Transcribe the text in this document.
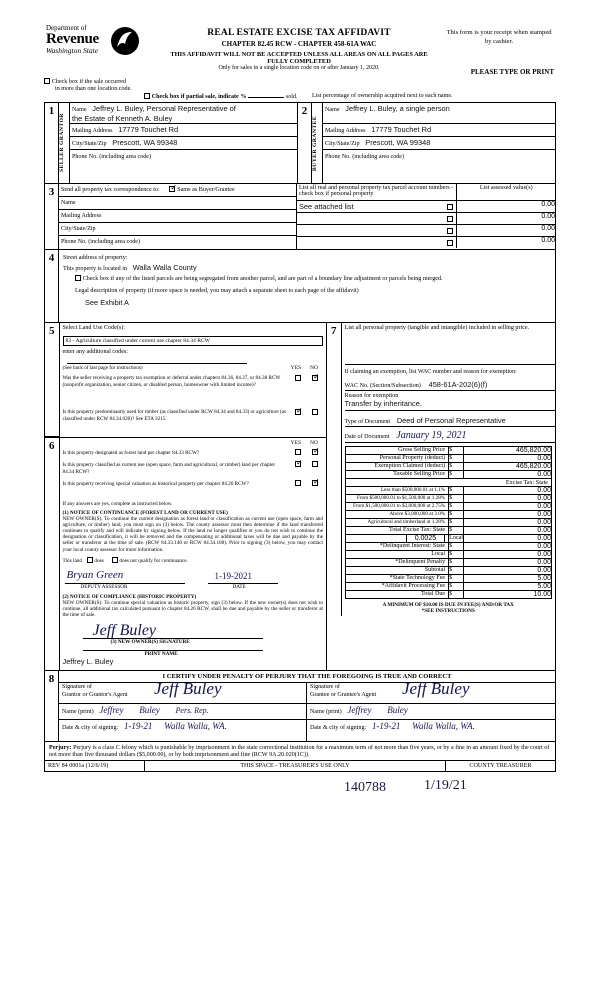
Department of
Revenue
Washington State
REAL ESTATE EXCISE TAX AFFIDAVIT
CHAPTER 82.45 RCW - CHAPTER 458-61A WAC
THIS AFFIDAVIT WILL NOT BE ACCEPTED UNLESS ALL AREAS ON ALL PAGES ARE FULLY COMPLETED
Only for sales in a single location code on or after January 1, 2020.
This form is your receipt when stamped by cashier.
PLEASE TYPE OR PRINT
Check box if the sale occurred
in more than one location code.
Check box if partial sale, indicate %	sold. List percentage of ownership acquired next to each name.
1	
SELLER GRANTOR

Name Jeffrey L. Buley, Personal Representative of
the Estate of Kenneth A. Buley
Mailing Address 17779 Touchet Rd
City/State/Zip Prescott, WA 99348
Phone No. (including area code)
	2	
BUYER GRANTEE

Name Jeffrey L. Buley, a single person
Mailing Address 17779 Touchet Rd
City/State/Zip Prescott, WA 99348
Phone No. (including area code)
3	Send all property tax correspondence to: ✓	Same as Buyer/Grantee
Name
Mailing Address
City/State/Zip
Phone No. (including area code)

List all real and personal property tax parcel account numbers - check box if personal property	List assessed value(s)
See attached list	0.00

	0.00

	0.00

	0.00
4	Street address of property:
This property is located in Walla Walla County
Check box if any of the listed parcels are being segregated from another parcel, and are part of a boundary line adjustment or parcels being merged.
Legal description of property (if more space is needed, you may attach a separate sheet to each page of the affidavit)
See Exhibit A
5	Select Land Use Code(s):
83 - Agriculture classified under current use chapter 84.34 RCW
enter any additional codes:
(See back of last page for instructions)	YES NO
Was the seller receiving a property tax exemption or deferral under chapters 84.36, 84.37, or 84.38 RCW (nonprofit organization, senior citizen, or disabled person, homeowner with limited income)?
✓
Is this property predominantly used for timber (as classified under RCW 84.34 and 84.33) or agriculture (as classified under RCW 84.34.020)? See ETA 3215
✓
6	YES NO
Is this property designated as forest land per chapter 84.33 RCW?
✓
Is this property classified as current use (open space, farm and agricultural, or timber) land per chapter 84.34 RCW?
✓
Is this property receiving special valuation as historical property per chapter 84.26 RCW?
✓
If any answers are yes, complete as instructed below.
(1) NOTICE OF CONTINUANCE (FOREST LAND OR CURRENT USE)
NEW OWNER(S): To continue the current designation as forest land or classification as current use (open space, farm and agriculture, or timber) land, you must sign on (3) below. The county assessor must then determine if the land transferred continues to qualify and will indicate by signing below. If the land no longer qualifies or you do not wish to continue the designation or classification, it will be removed and the compensating or additional taxes will be due and payable by the seller or transferor at the time of sale. (RCW 84.33.140 or RCW 84.34.108). Prior to signing (3) below, you may contact your local county assessor for more information.
This land does	does not qualify for continuance.
Bryan Green	1-19-2021
DEPUTY ASSESSOR	DATE
(2) NOTICE OF COMPLIANCE (HISTORIC PROPERTY)
NEW OWNER(S): To continue special valuation as historic property, sign (3) below. If the new owner(s) does not wish to continue, all additional tax calculated pursuant to chapter 84.26 RCW, shall be due and payable by the seller or transferor at the time of sale.
Jeff Buley
(3) NEW OWNER(S) SIGNATURE
PRINT NAME
Jeffrey L. Buley

7	List all personal property (tangible and intangible) included in selling price.
If claiming an exemption, list WAC number and reason for exemption:
WAC No. (Section/Subsection) 458-61A-202(6)(f)
Reason for exemption
Transfer by inheritance.
Type of Document Deed of Personal Representative
Date of Document January 19, 2021
Gross Selling Price	$	465,820.00
Personal Property (deduct)	$	0.00
Exemption Claimed (deduct)	$	465,820.00
Taxable Selling Price	$	0.00
Excise Tax: State
Less than $500,000.01 at 1.1%	$	0.00
From $500,000.01 to $1,500,000 at 1.28%	$	0.00
From $1,500,000.01 to $3,000,000 at 2.75%	$	0.00
Above $3,000,000 at 3.0%	$	0.00
Agricultural and timberland at 1.28%	$	0.00
Total Excise Tax: State	$	0.00
0.0025	Local	0.00
*Delinquent Interest: State	$	0.00
Local	$	0.00
*Delinquent Penalty	$	0.00
Subtotal	$	0.00
*State Technology Fee	$	5.00
*Affidavit Processing Fee	$	5.00
Total Due	$	10.00
A MINIMUM OF $10.00 IS DUE IN FEE(S) AND/OR TAX
*SEE INSTRUCTIONS
8	I CERTIFY UNDER PENALTY OF PERJURY THAT THE FOREGOING IS TRUE AND CORRECT
Signature of
Grantor or Grantor's Agent Jeff Buley
Name (print) Jeffrey Buley Pers. Rep.
Date & city of signing: 1-19-21 Walla Walla, WA.
Signature of
Grantee or Grantee's Agent Jeff Buley
Name (print) Jeffrey Buley
Date & city of signing: 1-19-21 Walla Walla, WA.
Perjury: Perjury is a class C felony which is punishable by imprisonment in the state correctional institution for a maximum term of not more than five years, or by a fine in an amount fixed by the court of not more than five thousand dollars ($5,000.00), or by both imprisonment and fine (RCW 9A.20.020(1C)).
REV 84 0001a (12/6/19)	THIS SPACE - TREASURER'S USE ONLY	COUNTY TREASURER
140788	1/19/21
